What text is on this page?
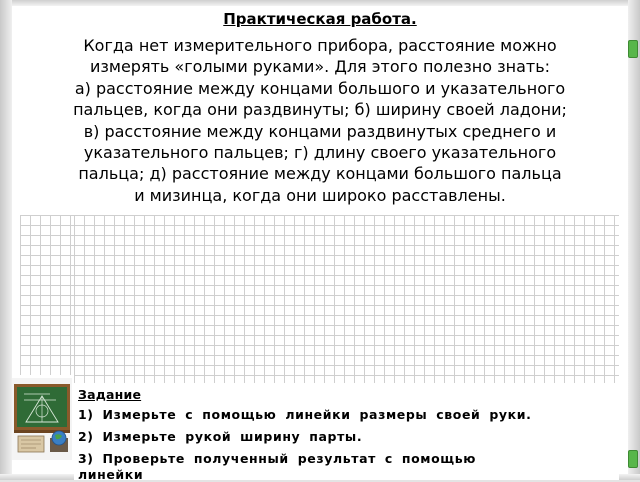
Практическая работа.
Когда нет измерительного прибора, расстояние можно
измерять «голыми руками». Для этого полезно знать:
а) расстояние между концами большого и указательного
пальцев, когда они раздвинуты; б) ширину своей ладони;
в) расстояние между концами раздвинутых среднего и
указательного пальцев; г) длину своего указательного
пальца; д) расстояние между концами большого пальца
и мизинца, когда они широко расставлены.
Задание
1) Измерьте с помощью линейки размеры своей руки.
2) Измерьте рукой ширину парты.
3) Проверьте полученный результат с помощью
линейки
